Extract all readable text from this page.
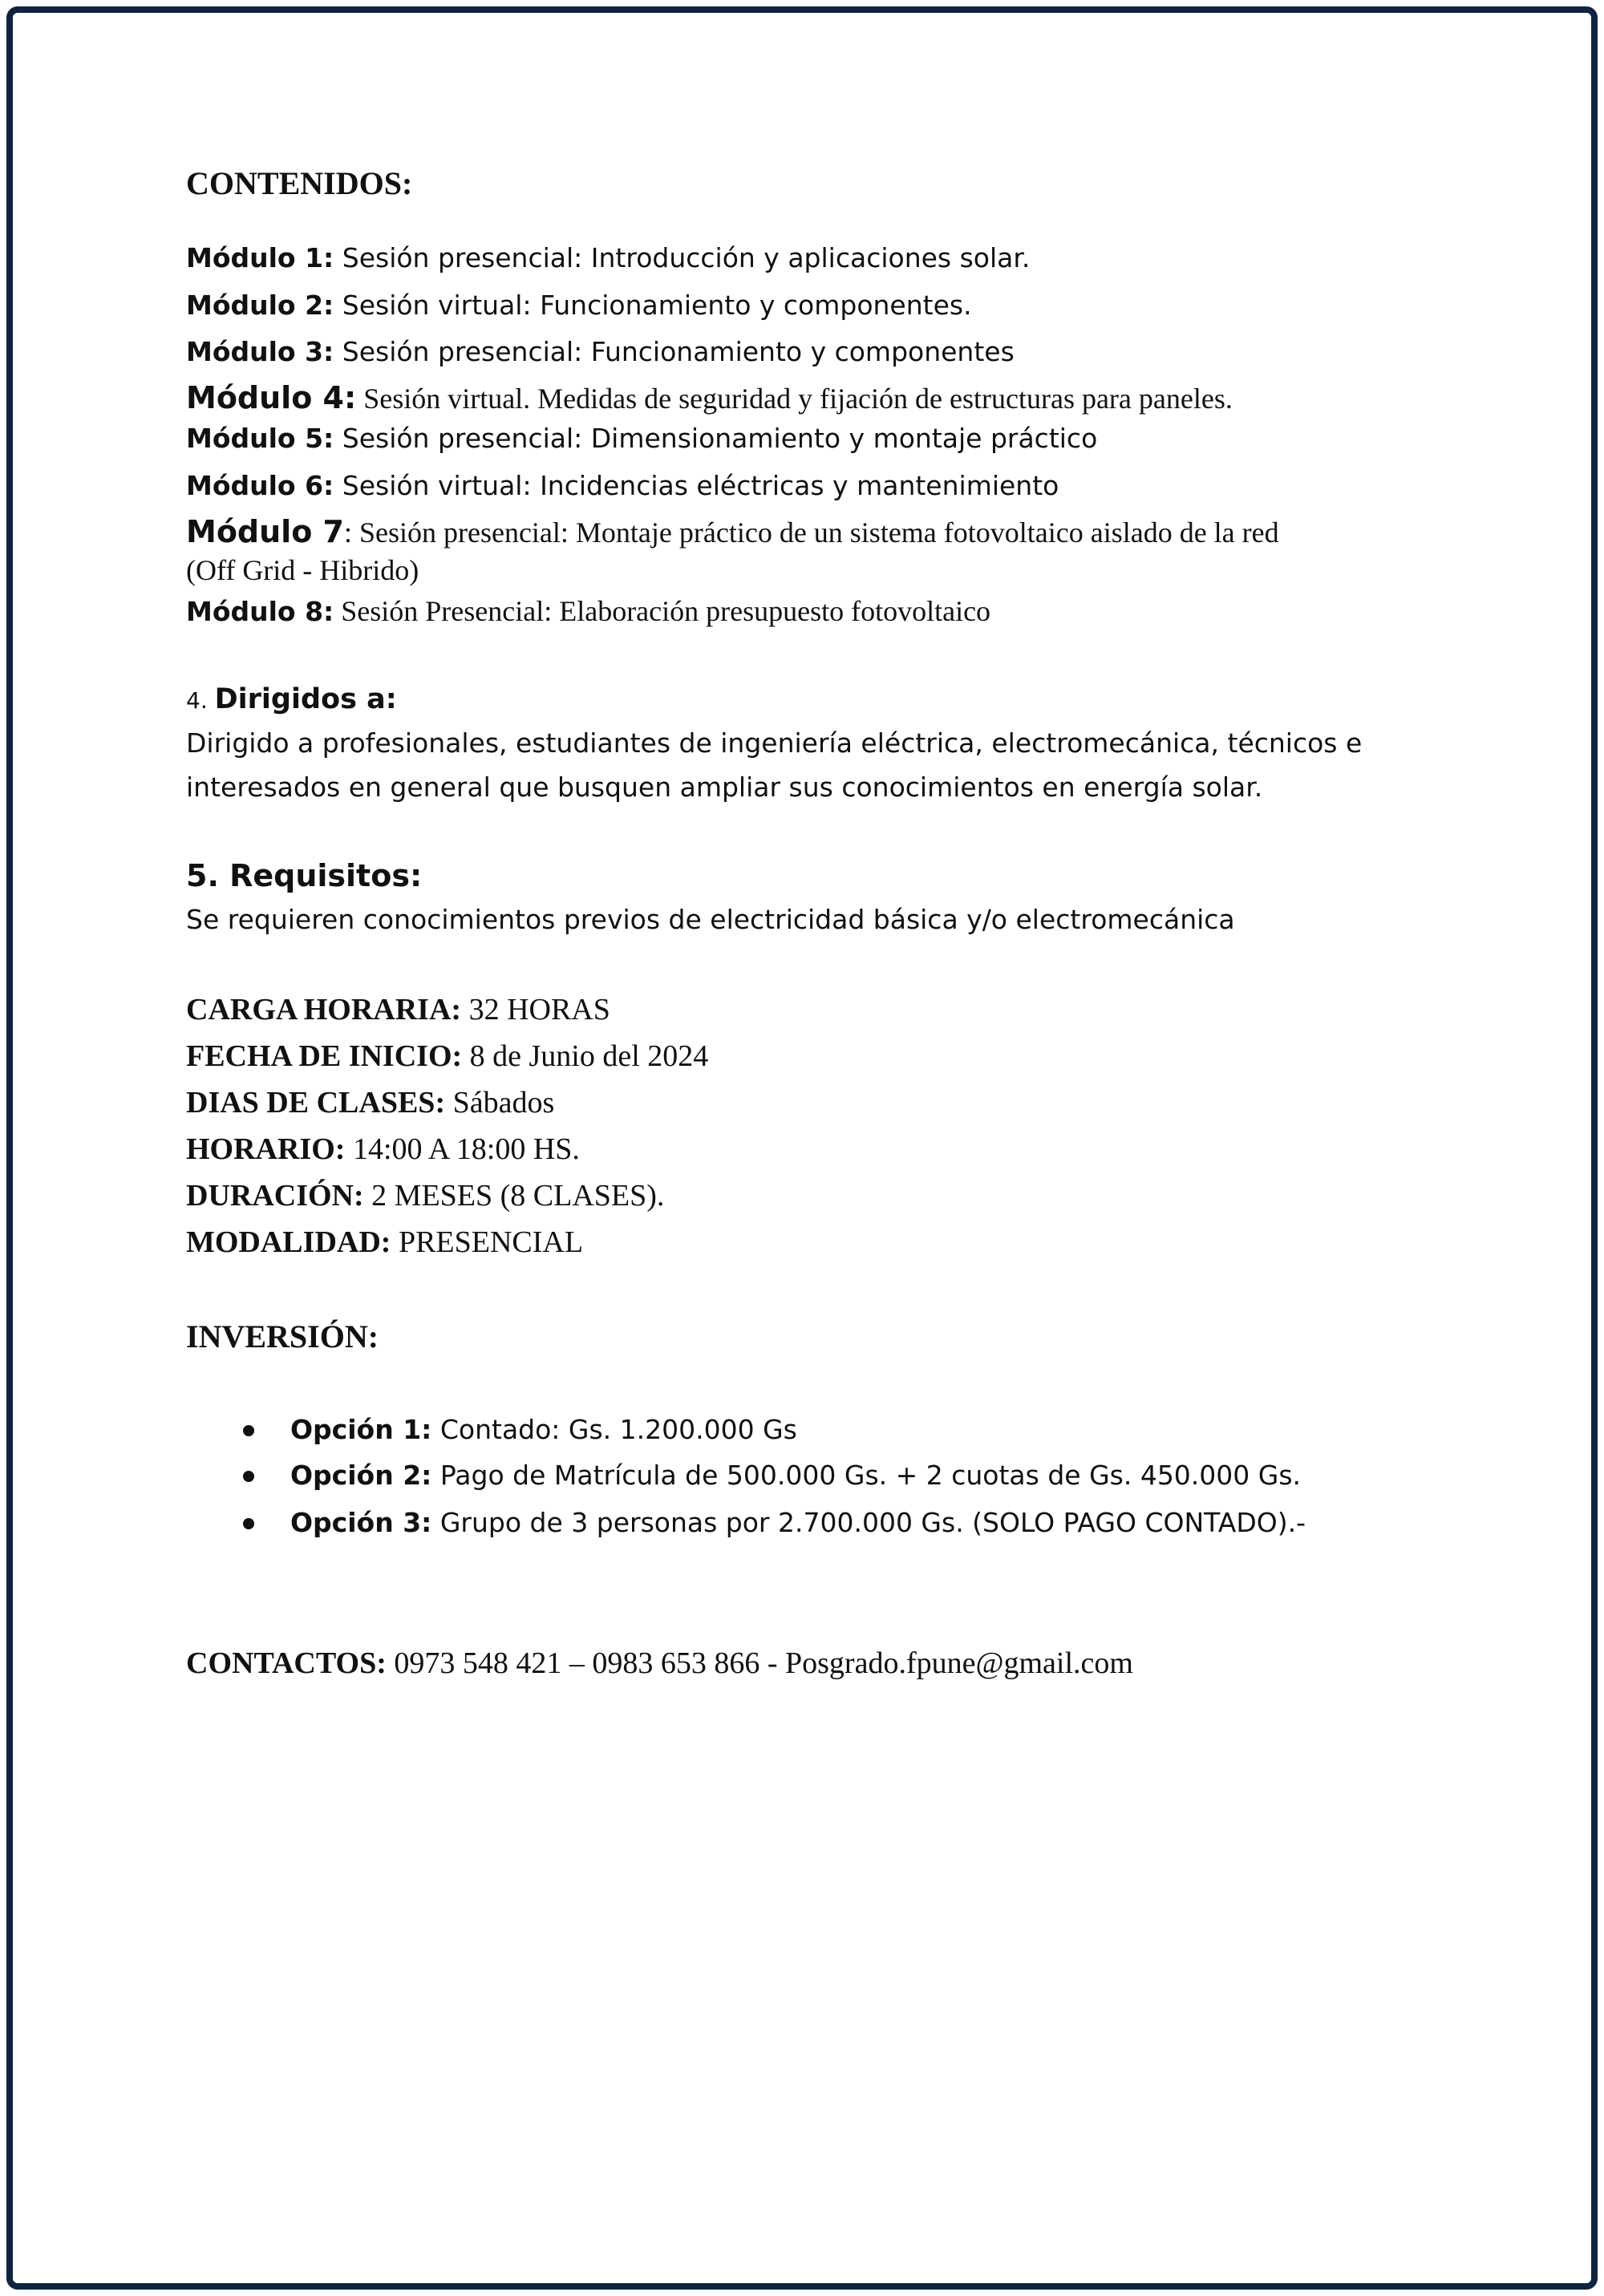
CONTENIDOS:
Módulo 1: Sesión presencial: Introducción y aplicaciones solar.
Módulo 2: Sesión virtual: Funcionamiento y componentes.
Módulo 3: Sesión presencial: Funcionamiento y componentes
Módulo 4: Sesión virtual. Medidas de seguridad y fijación de estructuras para paneles.
Módulo 5: Sesión presencial: Dimensionamiento y montaje práctico
Módulo 6: Sesión virtual: Incidencias eléctricas y mantenimiento
Módulo 7: Sesión presencial: Montaje práctico de un sistema fotovoltaico aislado de la red
(Off Grid - Hibrido)
Módulo 8: Sesión Presencial: Elaboración presupuesto fotovoltaico
4. Dirigidos a:
Dirigido a profesionales, estudiantes de ingeniería eléctrica, electromecánica, técnicos e
interesados en general que busquen ampliar sus conocimientos en energía solar.
5. Requisitos:
Se requieren conocimientos previos de electricidad básica y/o electromecánica
CARGA HORARIA: 32 HORAS
FECHA DE INICIO: 8 de Junio del 2024
DIAS DE CLASES: Sábados
HORARIO: 14:00 A 18:00 HS.
DURACIÓN: 2 MESES (8 CLASES).
MODALIDAD: PRESENCIAL
INVERSIÓN:
Opción 1: Contado: Gs. 1.200.000 Gs
Opción 2: Pago de Matrícula de 500.000 Gs. + 2 cuotas de Gs. 450.000 Gs.
Opción 3: Grupo de 3 personas por 2.700.000 Gs. (SOLO PAGO CONTADO).-
CONTACTOS: 0973 548 421 – 0983 653 866 - Posgrado.fpune@gmail.com
